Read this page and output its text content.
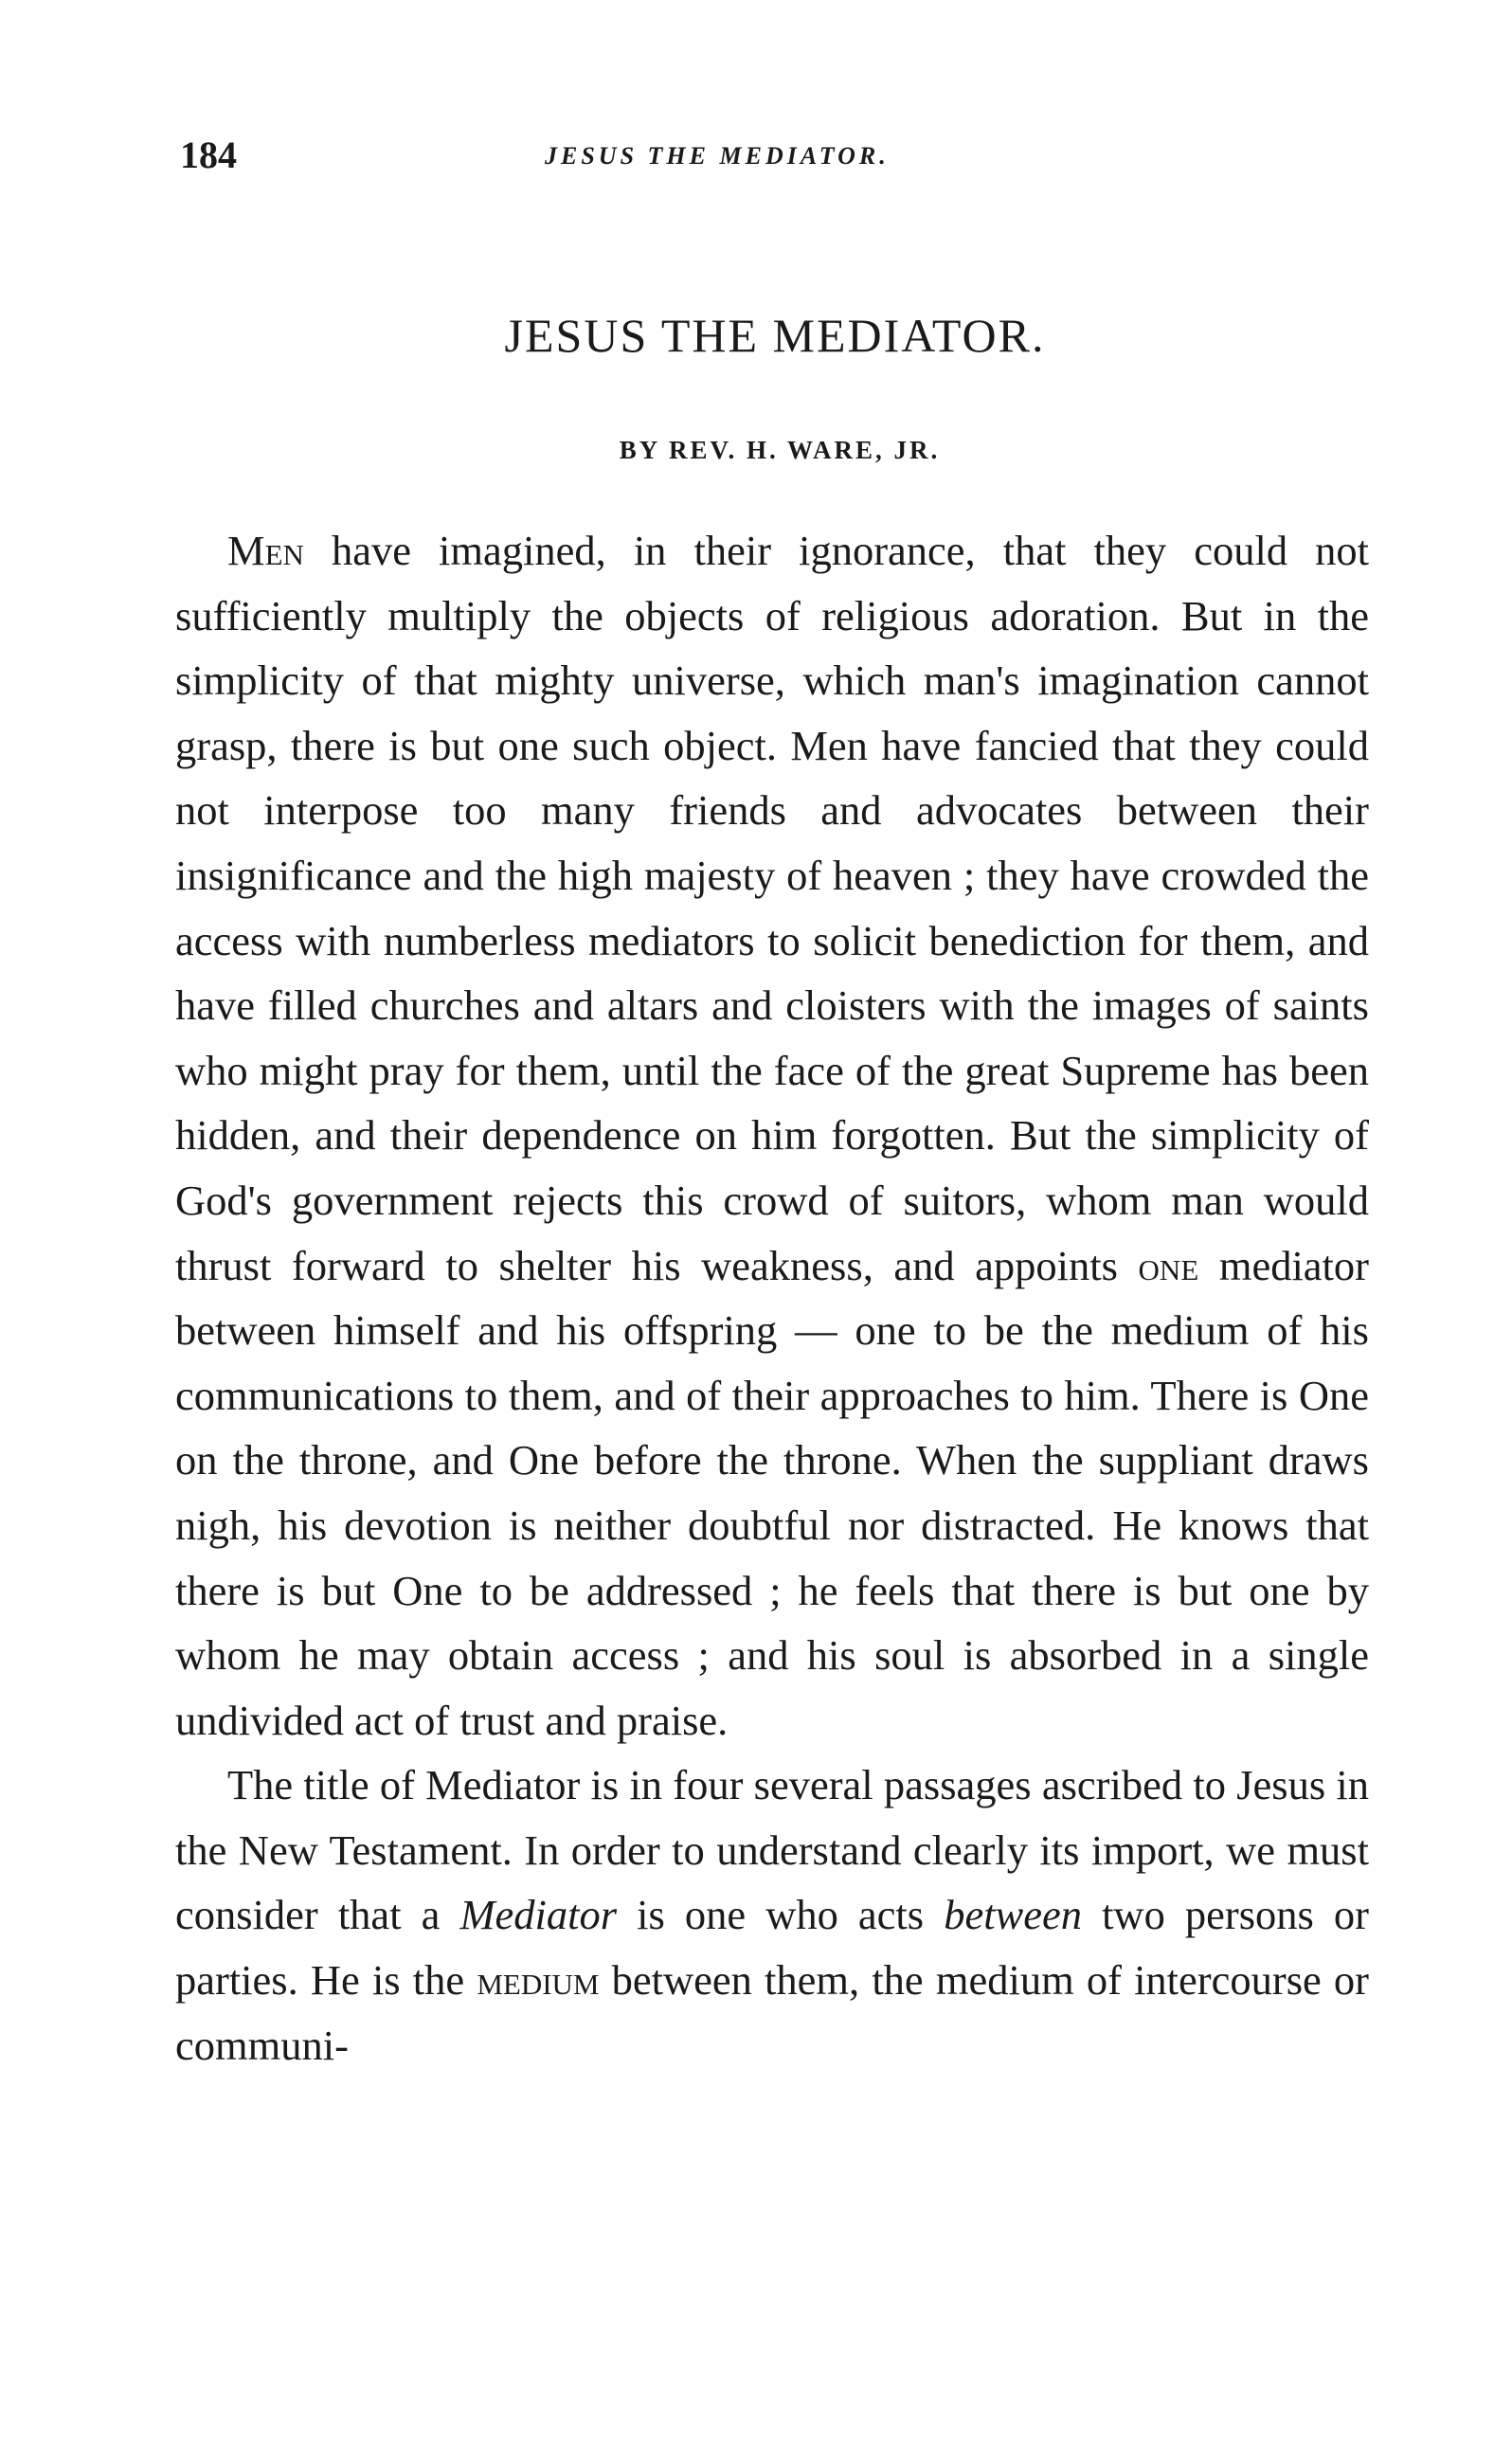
184	JESUS THE MEDIATOR.
JESUS THE MEDIATOR.
BY REV. H. WARE, JR.

Men have imagined, in their ignorance, that they could not sufficiently multiply the objects of religious adoration. But in the simplicity of that mighty universe, which man's imagination cannot grasp, there is but one such object. Men have fancied that they could not interpose too many friends and advocates between their insignificance and the high majesty of heaven ; they have crowded the access with numberless mediators to solicit benediction for them, and have filled churches and altars and cloisters with the images of saints who might pray for them, until the face of the great Supreme has been hidden, and their dependence on him forgotten. But the simplicity of God's government rejects this crowd of suitors, whom man would thrust forward to shelter his weakness, and appoints one mediator between himself and his offspring — one to be the medium of his communications to them, and of their approaches to him. There is One on the throne, and One before the throne. When the suppliant draws nigh, his devotion is neither doubtful nor distracted. He knows that there is but One to be addressed ; he feels that there is but one by whom he may obtain access ; and his soul is absorbed in a single undivided act of trust and praise.

The title of Mediator is in four several passages ascribed to Jesus in the New Testament. In order to understand clearly its import, we must consider that a Mediator is one who acts between two persons or parties. He is the medium between them, the medium of intercourse or communi-
